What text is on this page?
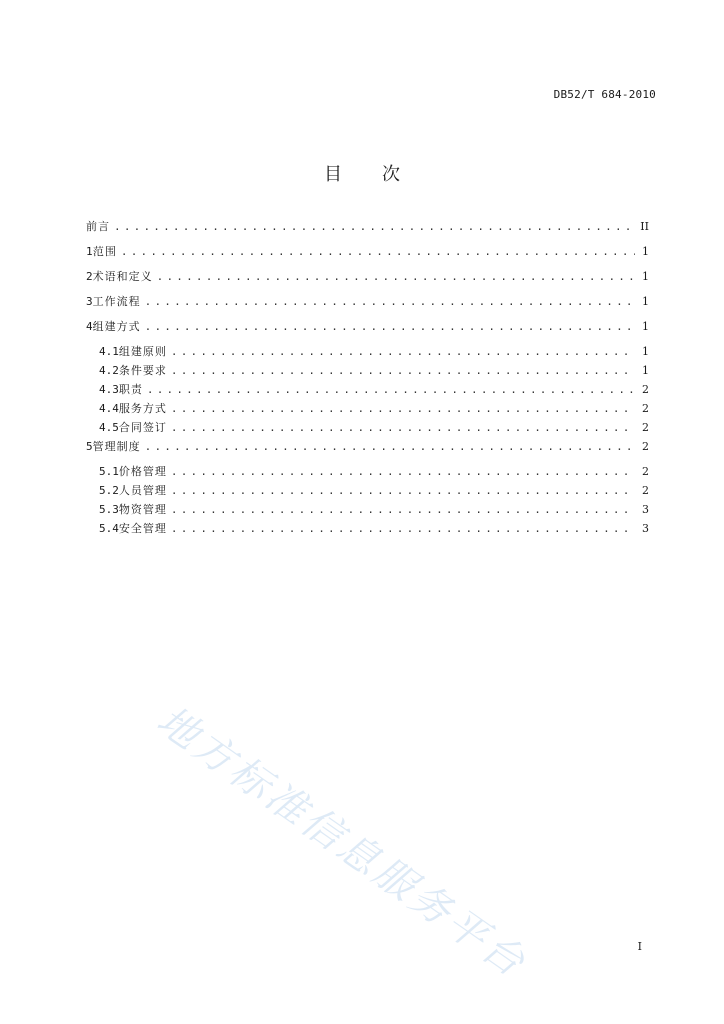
DB52/T 684-2010
目 次
前言 .....	II
1 范围 .....	1
2 术语和定义 .....	1
3 工作流程 .....	1
4 组建方式 .....	1
4.1 组建原则 .....	1
4.2 条件要求 .....	1
4.3 职责 .....	2
4.4 服务方式 .....	2
4.5 合同签订 .....	2
5 管理制度 .....	2
5.1 价格管理 .....	2
5.2 人员管理 .....	2
5.3 物资管理 .....	3
5.4 安全管理 .....	3
地方标准信息服务平台	I
